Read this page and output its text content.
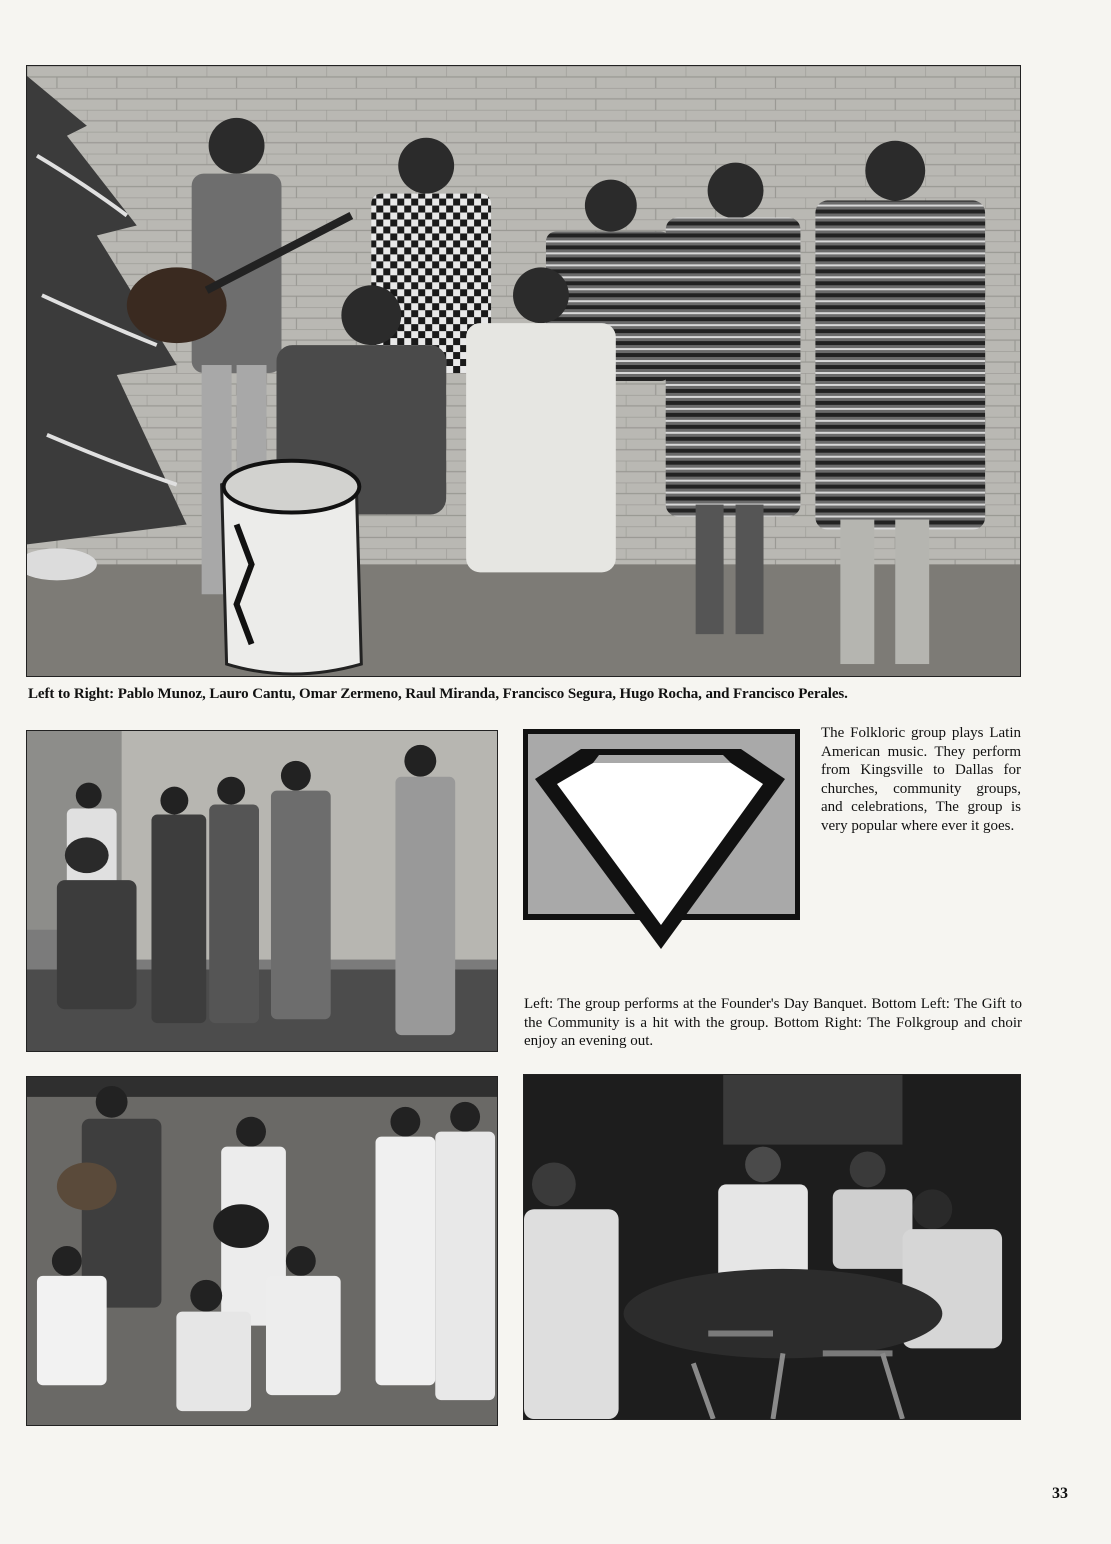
Left to Right: Pablo Munoz, Lauro Cantu, Omar Zermeno, Raul Miranda, Francisco Segura, Hugo Rocha, and Francisco Perales.
The Folkloric group plays Latin American music. They perform from Kingsville to Dallas for churches, community groups, and celebrations, The group is very popular where ever it goes.
Left: The group performs at the Founder's Day Banquet. Bottom Left: The Gift to the Community is a hit with the group. Bottom Right: The Folkgroup and choir enjoy an evening out.
33
